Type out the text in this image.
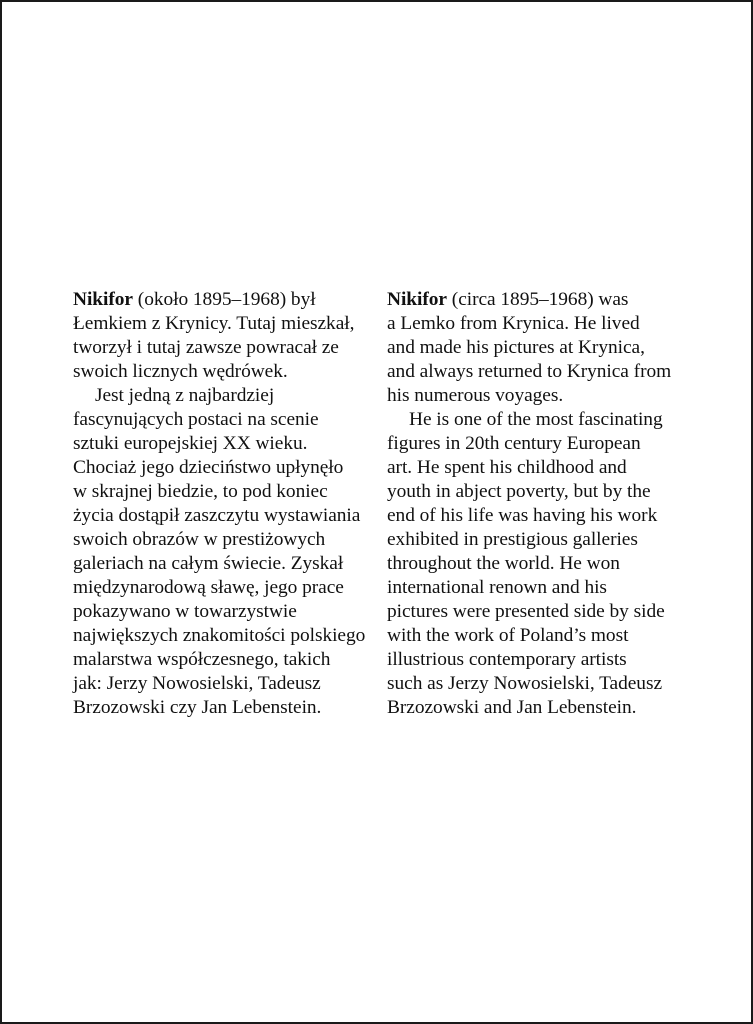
Nikifor (około 1895–1968) był
Łemkiem z Krynicy. Tutaj mieszkał,
tworzył i tutaj zawsze powracał ze
swoich licznych wędrówek.
Jest jedną z najbardziej
fascynujących postaci na scenie
sztuki europejskiej XX wieku.
Chociaż jego dzieciństwo upłynęło
w skrajnej biedzie, to pod koniec
życia dostąpił zaszczytu wystawiania
swoich obrazów w prestiżowych
galeriach na całym świecie. Zyskał
międzynarodową sławę, jego prace
pokazywano w towarzystwie
największych znakomitości polskiego
malarstwa współczesnego, takich
jak: Jerzy Nowosielski, Tadeusz
Brzozowski czy Jan Lebenstein.
Nikifor (circa 1895–1968) was
a Lemko from Krynica. He lived
and made his pictures at Krynica,
and always returned to Krynica from
his numerous voyages.
He is one of the most fascinating
figures in 20th century European
art. He spent his childhood and
youth in abject poverty, but by the
end of his life was having his work
exhibited in prestigious galleries
throughout the world. He won
international renown and his
pictures were presented side by side
with the work of Poland’s most
illustrious contemporary artists
such as Jerzy Nowosielski, Tadeusz
Brzozowski and Jan Lebenstein.
